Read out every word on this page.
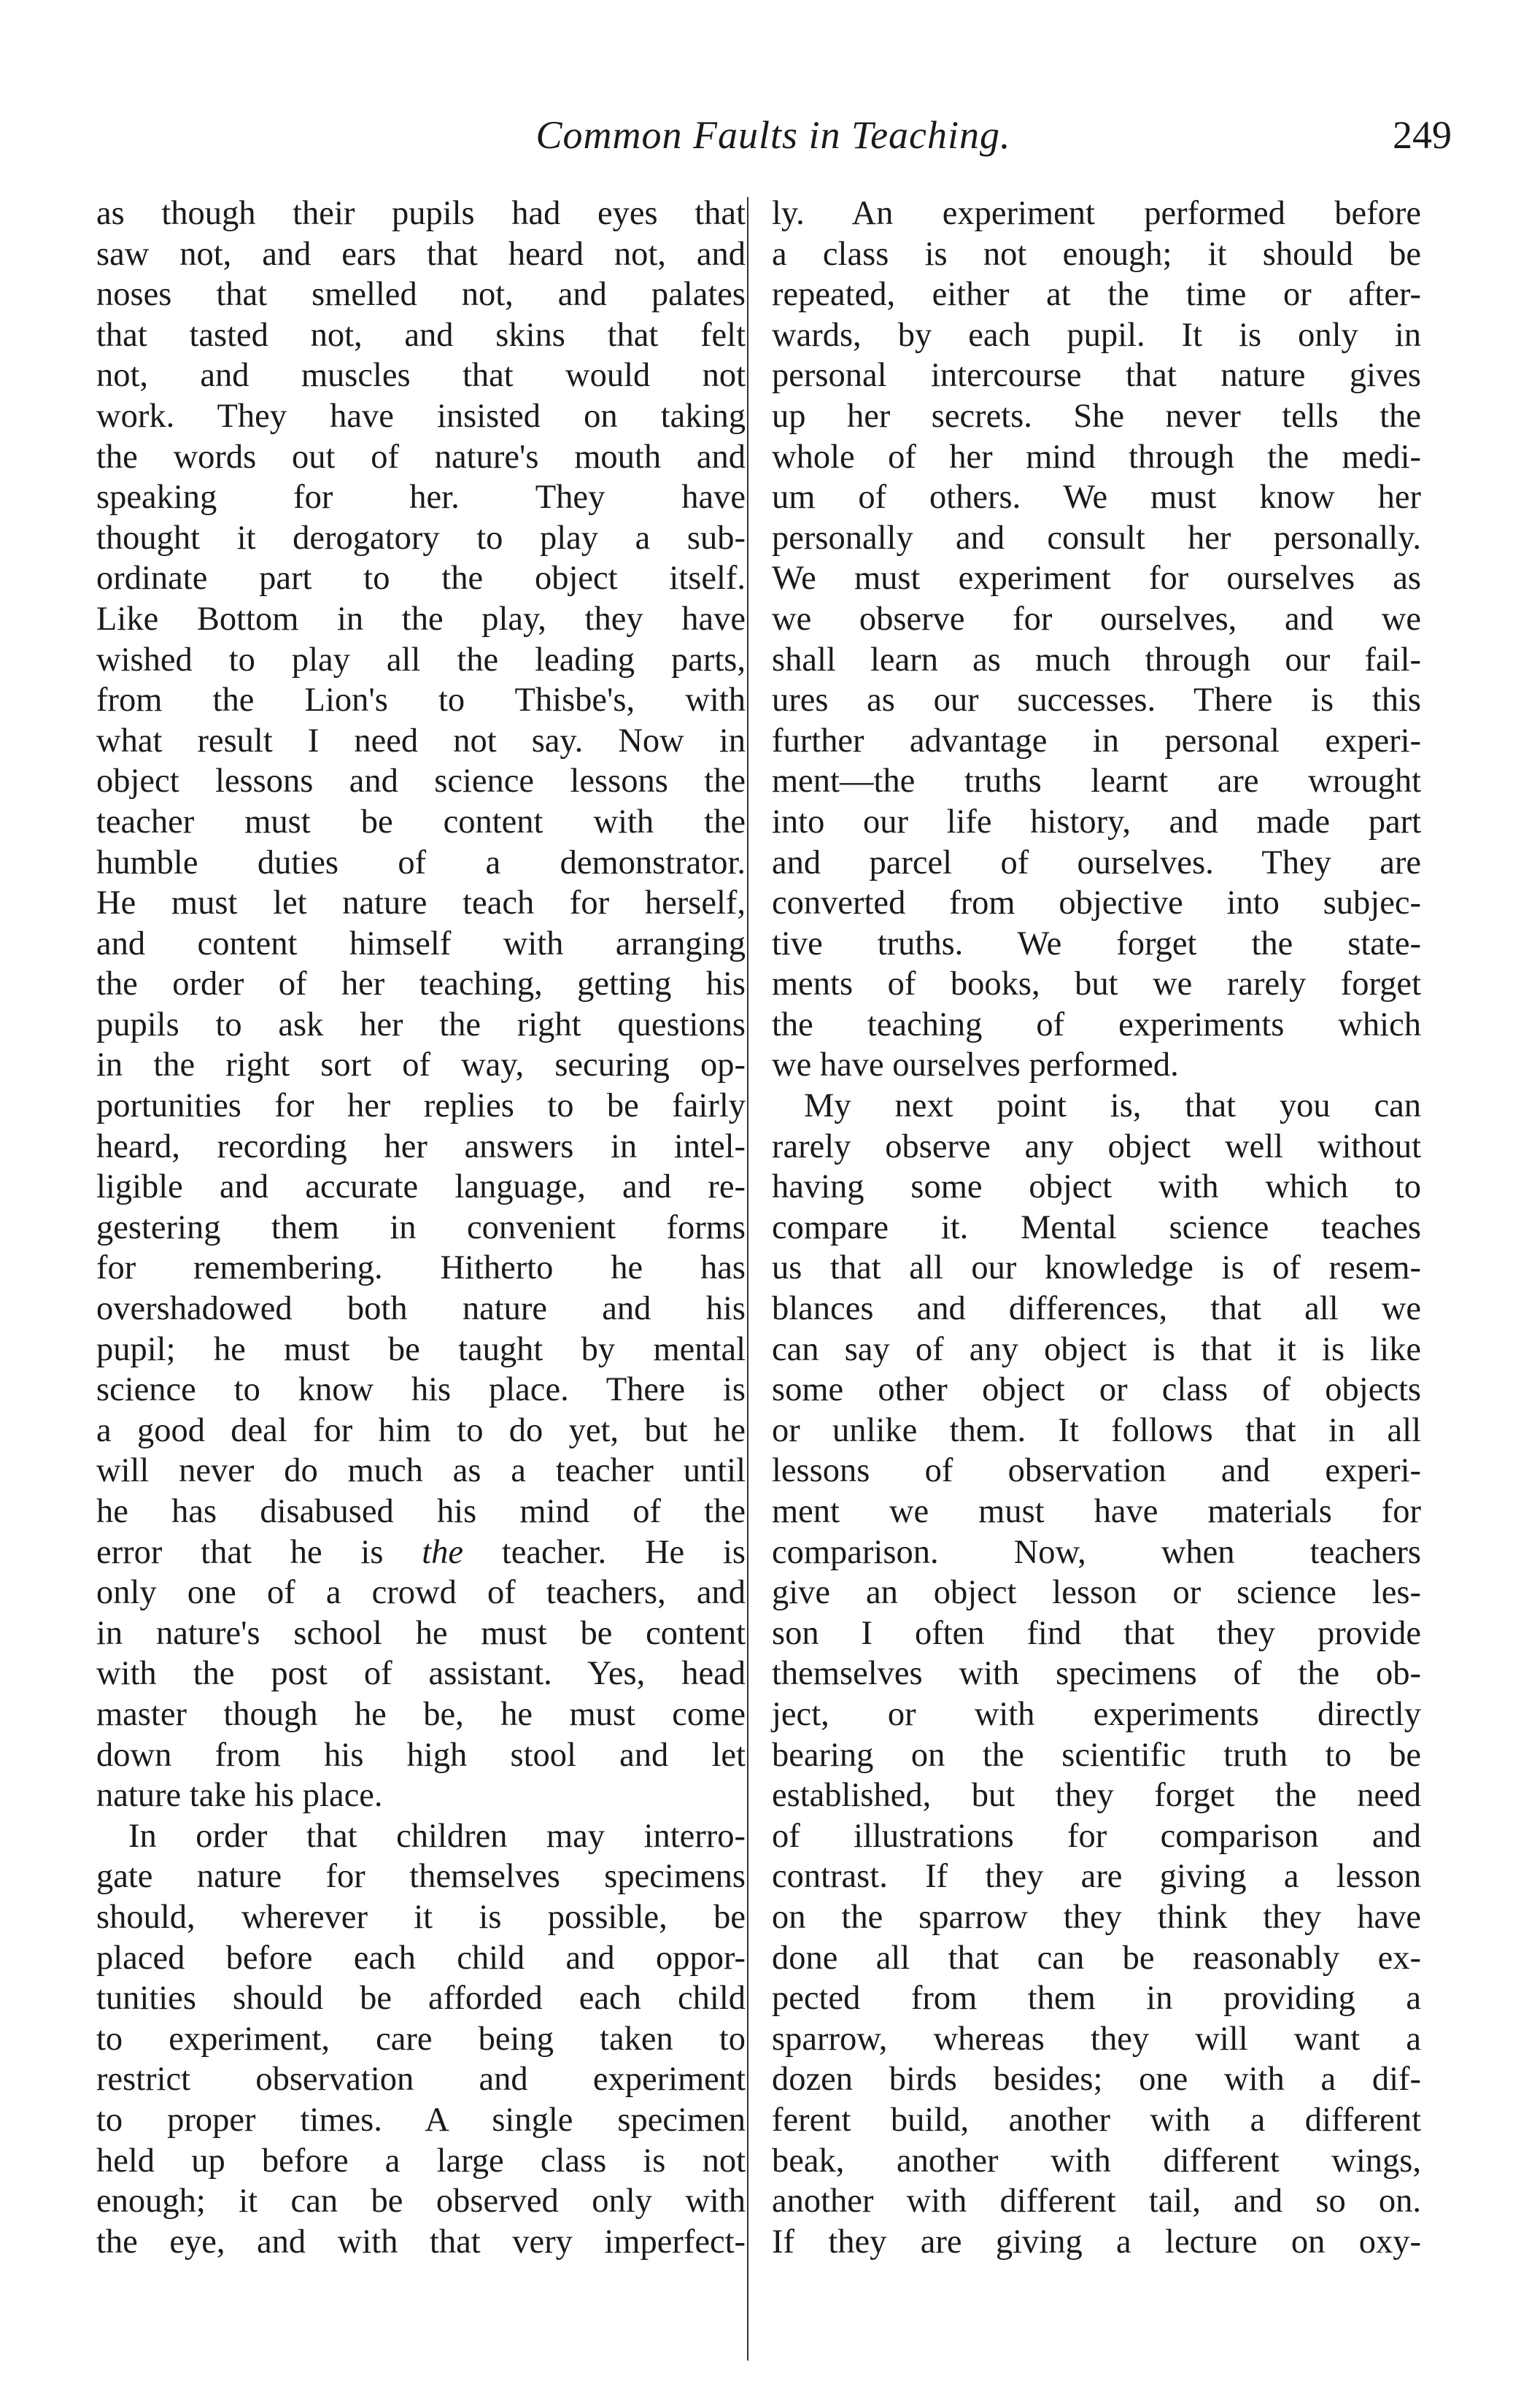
Common Faults in Teaching.	249
as though their pupils had eyes that
saw not, and ears that heard not, and
noses that smelled not, and palates
that tasted not, and skins that felt
not, and muscles that would not
work. They have insisted on taking
the words out of nature's mouth and
speaking for her. They have
thought it derogatory to play a sub-
ordinate part to the object itself.
Like Bottom in the play, they have
wished to play all the leading parts,
from the Lion's to Thisbe's, with
what result I need not say. Now in
object lessons and science lessons the
teacher must be content with the
humble duties of a demonstrator.
He must let nature teach for herself,
and content himself with arranging
the order of her teaching, getting his
pupils to ask her the right questions
in the right sort of way, securing op-
portunities for her replies to be fairly
heard, recording her answers in intel-
ligible and accurate language, and re-
gestering them in convenient forms
for remembering. Hitherto he has
overshadowed both nature and his
pupil; he must be taught by mental
science to know his place. There is
a good deal for him to do yet, but he
will never do much as a teacher until
he has disabused his mind of the
error that he is the teacher. He is
only one of a crowd of teachers, and
in nature's school he must be content
with the post of assistant. Yes, head
master though he be, he must come
down from his high stool and let
nature take his place.
In order that children may interro-
gate nature for themselves specimens
should, wherever it is possible, be
placed before each child and oppor-
tunities should be afforded each child
to experiment, care being taken to
restrict observation and experiment
to proper times. A single specimen
held up before a large class is not
enough; it can be observed only with
the eye, and with that very imperfect-
ly. An experiment performed before
a class is not enough; it should be
repeated, either at the time or after-
wards, by each pupil. It is only in
personal intercourse that nature gives
up her secrets. She never tells the
whole of her mind through the medi-
um of others. We must know her
personally and consult her personally.
We must experiment for ourselves as
we observe for ourselves, and we
shall learn as much through our fail-
ures as our successes. There is this
further advantage in personal experi-
ment—the truths learnt are wrought
into our life history, and made part
and parcel of ourselves. They are
converted from objective into subjec-
tive truths. We forget the state-
ments of books, but we rarely forget
the teaching of experiments which
we have ourselves performed.
My next point is, that you can
rarely observe any object well without
having some object with which to
compare it. Mental science teaches
us that all our knowledge is of resem-
blances and differences, that all we
can say of any object is that it is like
some other object or class of objects
or unlike them. It follows that in all
lessons of observation and experi-
ment we must have materials for
comparison. Now, when teachers
give an object lesson or science les-
son I often find that they provide
themselves with specimens of the ob-
ject, or with experiments directly
bearing on the scientific truth to be
established, but they forget the need
of illustrations for comparison and
contrast. If they are giving a lesson
on the sparrow they think they have
done all that can be reasonably ex-
pected from them in providing a
sparrow, whereas they will want a
dozen birds besides; one with a dif-
ferent build, another with a different
beak, another with different wings,
another with different tail, and so on.
If they are giving a lecture on oxy-
